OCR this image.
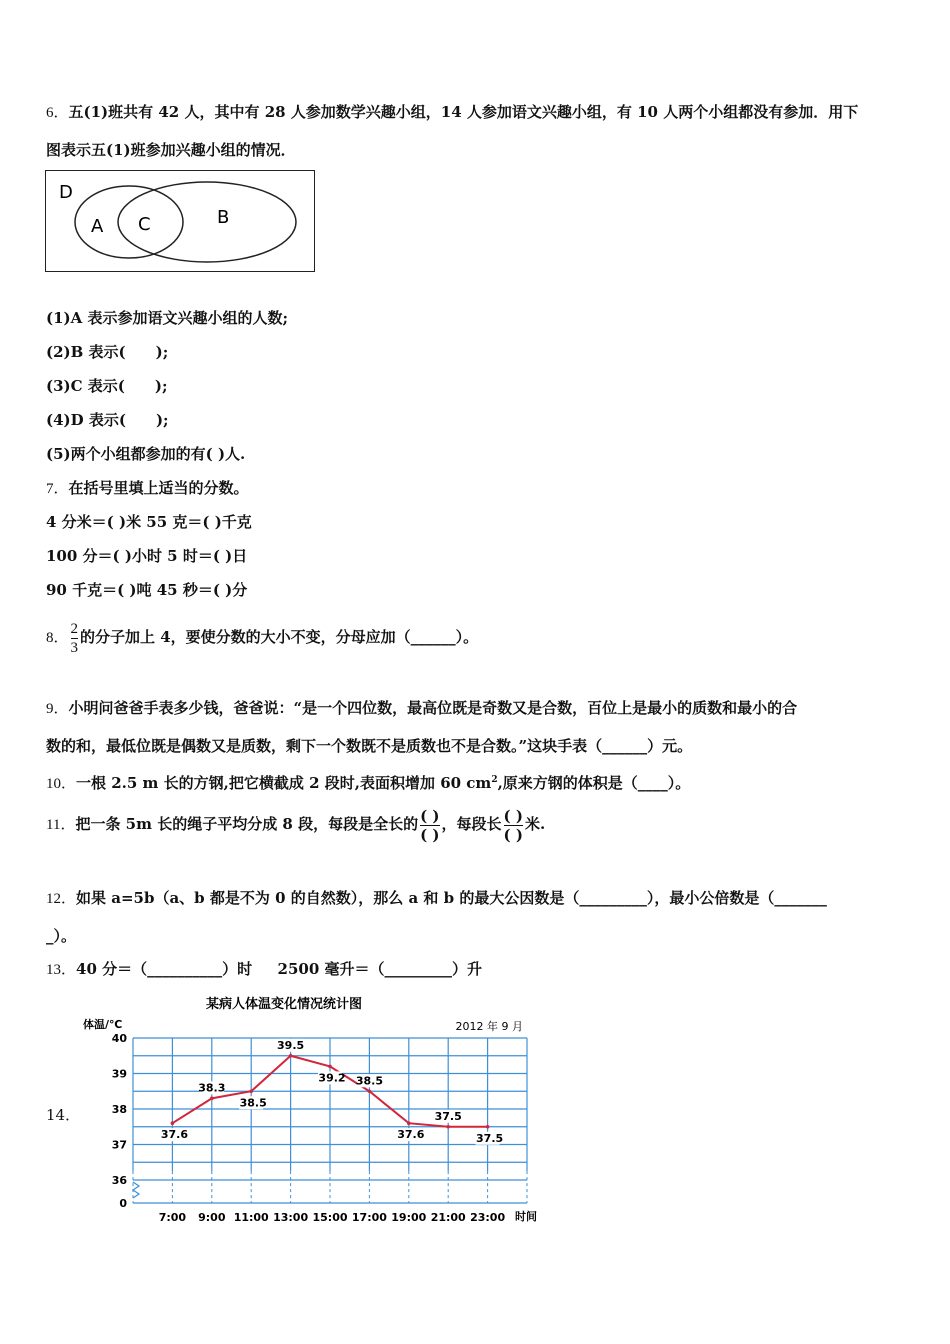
6．五(1)班共有 42 人，其中有 28 人参加数学兴趣小组，14 人参加语文兴趣小组，有 10 人两个小组都没有参加．用下
图表示五(1)班参加兴趣小组的情况．
D
A C	B
(1)A 表示参加语文兴趣小组的人数;
(2)B 表示(　　);
(3)C 表示(　　);
(4)D 表示(　　);
(5)两个小组都参加的有( )人.
7．在括号里填上适当的分数。
4 分米＝( )米 55 克＝( )千克
100 分＝( )小时 5 时＝( )日
90 千克＝( )吨 45 秒＝( )分
8． $\frac{2}{3}$ 的分子加上 4，要使分数的大小不变，分母应加（______）。
9．小明问爸爸手表多少钱，爸爸说：“是一个四位数，最高位既是奇数又是合数，百位上是最小的质数和最小的合
数的和，最低位既是偶数又是质数，剩下一个数既不是质数也不是合数。”这块手表（______）元。
10．一根 2.5 m 长的方钢,把它横截成 2 段时,表面积增加 60 $cm^2$,原来方钢的体积是（____）。
11．把一条 5m 长的绳子平均分成 8 段，每段是全长的 $\frac{( )}{( )}$ ，每段长 $\frac{( )}{( )}$ 米.
12．如果 a=5b（a、b 都是不为 0 的自然数），那么 a 和 b 的最大公因数是（_________），最小公倍数是（_______
_）。
13．40 分＝（__________）时 　 2500 毫升＝（_________）升
14．
某病人体温变化情况统计图
2012 年 9 月
体温/℃
时间
40
39
38
37
36
0
7:00 9:00 11:00 13:00 15:00 17:00 19:00 21:00 23:00
37.6
38.3
38.5
39.5
39.2 38.5
37.6
37.5
37.5
